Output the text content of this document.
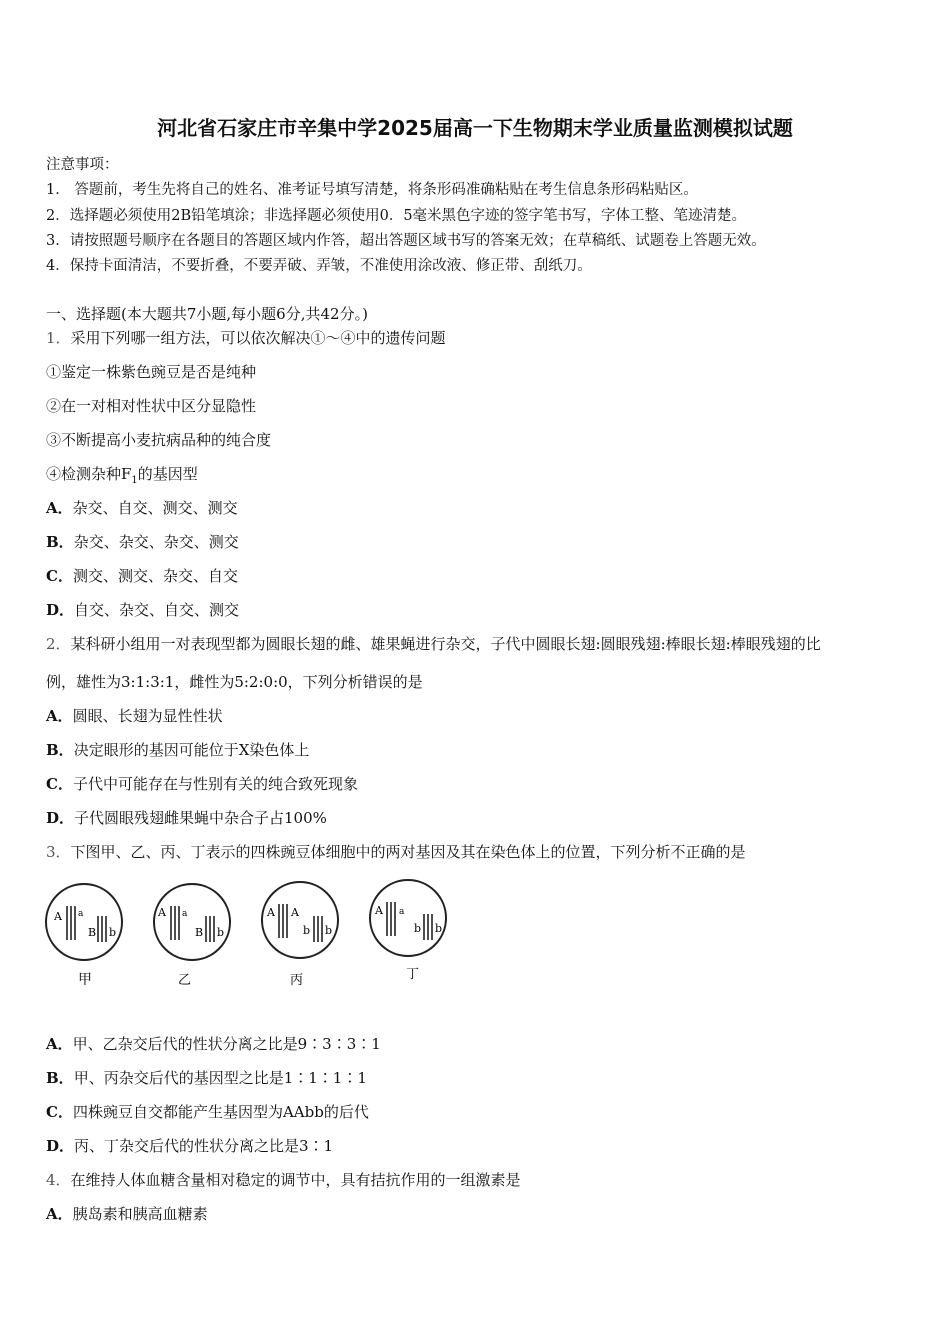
河北省石家庄市辛集中学2025届高一下生物期末学业质量监测模拟试题
注意事项：
1． 答题前，考生先将自己的姓名、准考证号填写清楚，将条形码准确粘贴在考生信息条形码粘贴区。
2．选择题必须使用2B铅笔填涂；非选择题必须使用0．5毫米黑色字迹的签字笔书写，字体工整、笔迹清楚。
3．请按照题号顺序在各题目的答题区域内作答，超出答题区域书写的答案无效；在草稿纸、试题卷上答题无效。
4．保持卡面清洁，不要折叠，不要弄破、弄皱，不准使用涂改液、修正带、刮纸刀。
一、选择题(本大题共7小题,每小题6分,共42分。)
1．采用下列哪一组方法，可以依次解决①～④中的遗传问题
①鉴定一株紫色豌豆是否是纯种
②在一对相对性状中区分显隐性
③不断提高小麦抗病品种的纯合度
④检测杂种$F_1$的基因型
A．杂交、自交、测交、测交
B．杂交、杂交、杂交、测交
C．测交、测交、杂交、自交
D．自交、杂交、自交、测交
2．某科研小组用一对表现型都为圆眼长翅的雌、雄果蝇进行杂交，子代中圆眼长翅:圆眼残翅:棒眼长翅:棒眼残翅的比
例，雄性为3:1:3:1，雌性为5:2:0:0，下列分析错误的是
A．圆眼、长翅为显性性状
B．决定眼形的基因可能位于X染色体上
C．子代中可能存在与性别有关的纯合致死现象
D．子代圆眼残翅雌果蝇中杂合子占100%
3．下图甲、乙、丙、丁表示的四株豌豆体细胞中的两对基因及其在染色体上的位置，下列分析不正确的是
A a
B b
甲
A a
B b
乙
A A
b b
丙
A a
b b
丁
A．甲、乙杂交后代的性状分离之比是9∶3∶3∶1
B．甲、丙杂交后代的基因型之比是1∶1∶1∶1
C．四株豌豆自交都能产生基因型为AAbb的后代
D．丙、丁杂交后代的性状分离之比是3∶1
4．在维持人体血糖含量相对稳定的调节中，具有拮抗作用的一组激素是
A．胰岛素和胰高血糖素
